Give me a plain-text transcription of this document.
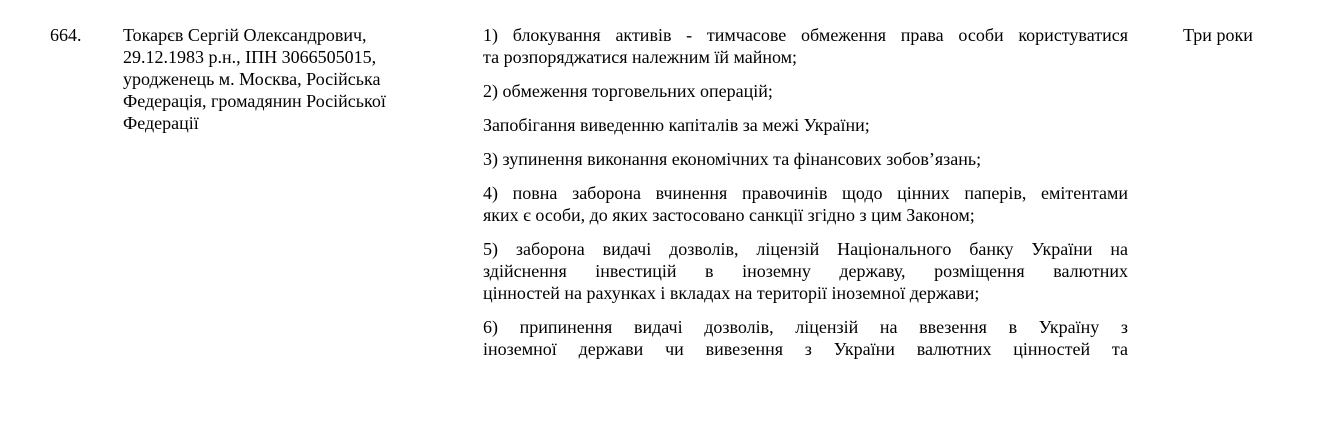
664.	Токарєв Сергій Олександрович,
29.12.1983 р.н., ІПН 3066505015,
уродженець м. Москва, Російська
Федерація, громадянин Російської
Федерації
1) блокування активів - тимчасове обмеження права особи користуватися
та розпоряджатися належним їй майном;
2) обмеження торговельних операцій;
Запобігання виведенню капіталів за межі України;
3) зупинення виконання економічних та фінансових зобов’язань;
4) повна заборона вчинення правочинів щодо цінних паперів, емітентами
яких є особи, до яких застосовано санкції згідно з цим Законом;
5) заборона видачі дозволів, ліцензій Національного банку України на
здійснення інвестицій в іноземну державу, розміщення валютних
цінностей на рахунках і вкладах на території іноземної держави;
6) припинення видачі дозволів, ліцензій на ввезення в Україну з
іноземної держави чи вивезення з України валютних цінностей та
Три роки
